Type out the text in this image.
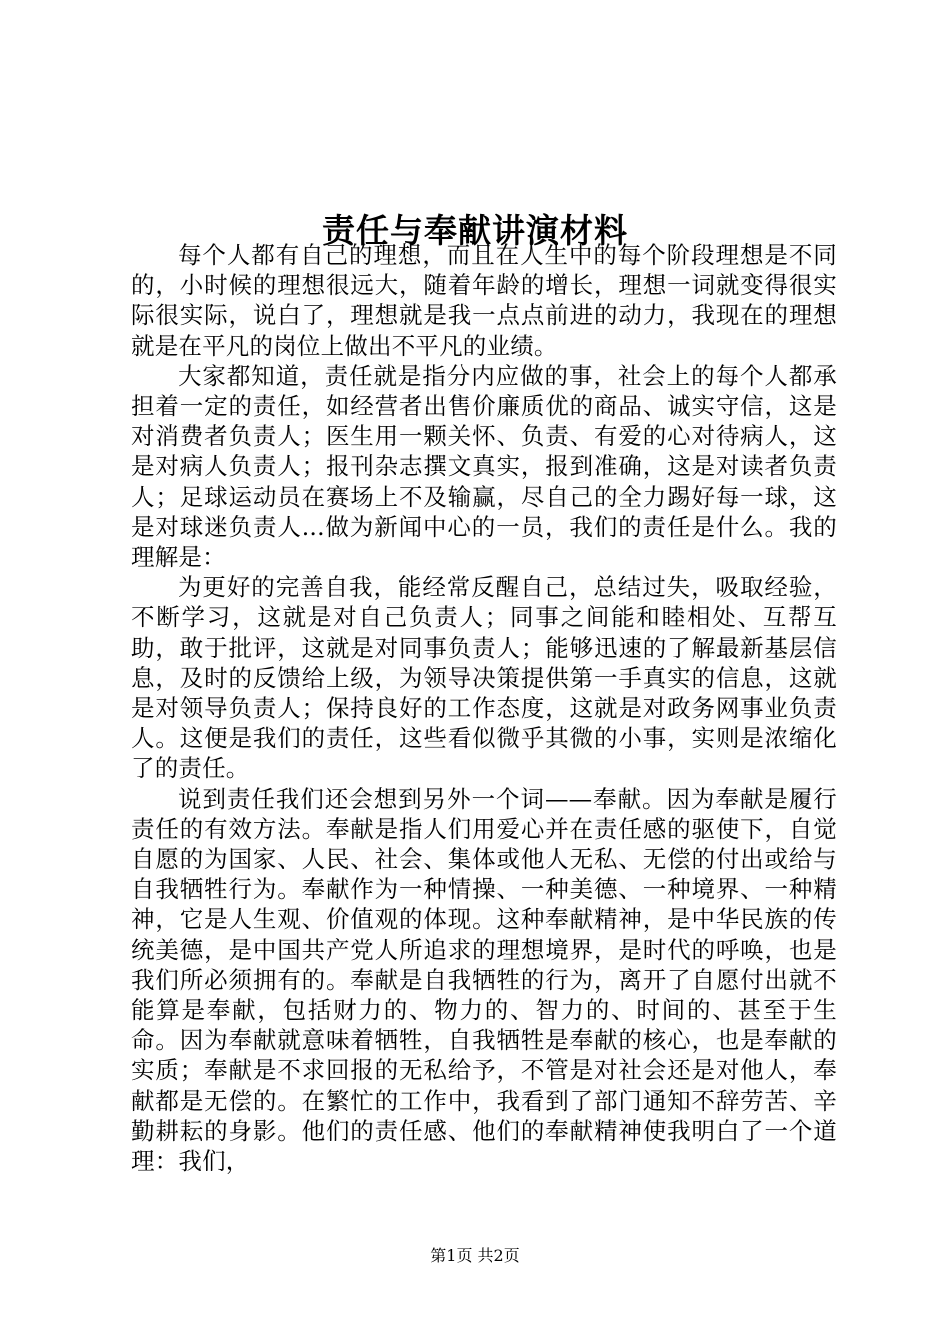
责任与奉献讲演材料

每个人都有自己的理想，而且在人生中的每个阶段理想是不同的，小时候的理想很远大，随着年龄的增长，理想一词就变得很实际很实际，说白了，理想就是我一点点前进的动力，我现在的理想就是在平凡的岗位上做出不平凡的业绩。

大家都知道，责任就是指分内应做的事，社会上的每个人都承担着一定的责任，如经营者出售价廉质优的商品、诚实守信，这是对消费者负责人；医生用一颗关怀、负责、有爱的心对待病人，这是对病人负责人；报刊杂志撰文真实，报到准确，这是对读者负责人；足球运动员在赛场上不及输赢，尽自己的全力踢好每一球，这是对球迷负责人...做为新闻中心的一员，我们的责任是什么。我的理解是：

为更好的完善自我，能经常反醒自己，总结过失，吸取经验，不断学习，这就是对自己负责人；同事之间能和睦相处、互帮互助，敢于批评，这就是对同事负责人；能够迅速的了解最新基层信息，及时的反馈给上级，为领导决策提供第一手真实的信息，这就是对领导负责人；保持良好的工作态度，这就是对政务网事业负责人。这便是我们的责任，这些看似微乎其微的小事，实则是浓缩化了的责任。

说到责任我们还会想到另外一个词——奉献。因为奉献是履行责任的有效方法。奉献是指人们用爱心并在责任感的驱使下，自觉自愿的为国家、人民、社会、集体或他人无私、无偿的付出或给与自我牺牲行为。奉献作为一种情操、一种美德、一种境界、一种精神，它是人生观、价值观的体现。这种奉献精神，是中华民族的传统美德，是中国共产党人所追求的理想境界，是时代的呼唤，也是我们所必须拥有的。奉献是自我牺牲的行为，离开了自愿付出就不能算是奉献，包括财力的、物力的、智力的、时间的、甚至于生命。因为奉献就意味着牺牲，自我牺牲是奉献的核心，也是奉献的实质；奉献是不求回报的无私给予，不管是对社会还是对他人，奉献都是无偿的。在繁忙的工作中，我看到了部门通知不辞劳苦、辛勤耕耘的身影。他们的责任感、他们的奉献精神使我明白了一个道理：我们，

第1页 共2页
